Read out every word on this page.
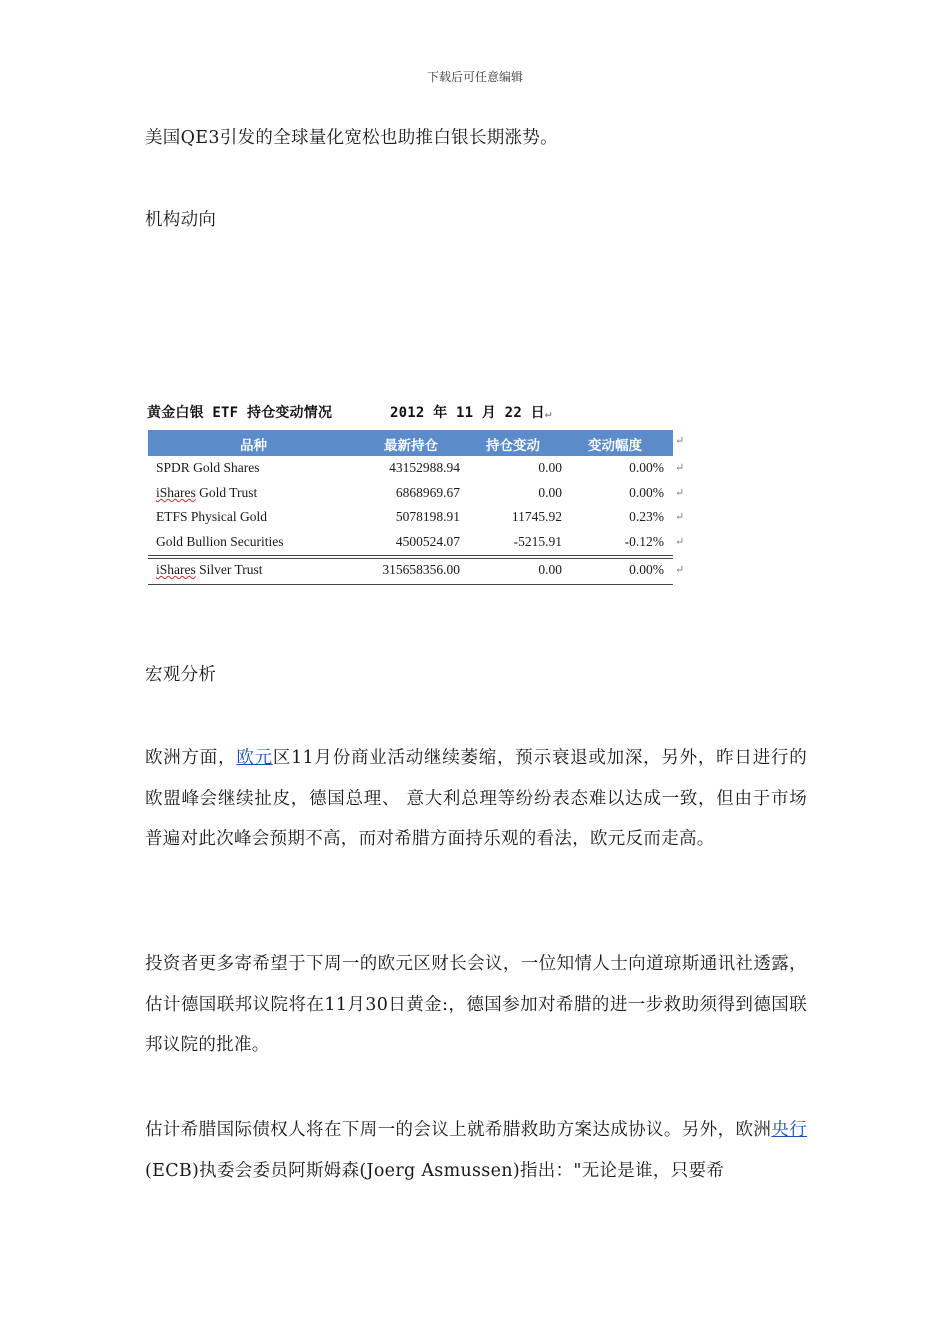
下载后可任意编辑
美国QE3引发的全球量化宽松也助推白银长期涨势。
机构动向
黄金白银 ETF 持仓变动情况	2012 年 11 月 22 日↵
品种	最新持仓	持仓变动	变动幅度	↵
SPDR Gold Shares	43152988.94	0.00	0.00% ↵
iShares Gold Trust	6868969.67	0.00	0.00% ↵
ETFS Physical Gold	5078198.91	11745.92	0.23% ↵
Gold Bullion Securities	4500524.07	-5215.91	-0.12% ↵
iShares Silver Trust	315658356.00	0.00	0.00% ↵
宏观分析
欧洲方面，欧元区11月份商业活动继续萎缩，预示衰退或加深，另外，昨日进行的欧盟峰会继续扯皮，德国总理、 意大利总理等纷纷表态难以达成一致，但由于市场普遍对此次峰会预期不高，而对希腊方面持乐观的看法，欧元反而走高。
投资者更多寄希望于下周一的欧元区财长会议，一位知情人士向道琼斯通讯社透露，估计德国联邦议院将在11月30日黄金:，德国参加对希腊的进一步救助须得到德国联邦议院的批准。
估计希腊国际债权人将在下周一的会议上就希腊救助方案达成协议。另外，欧洲央行(ECB)执委会委员阿斯姆森(Joerg Asmussen)指出："无论是谁，只要希
